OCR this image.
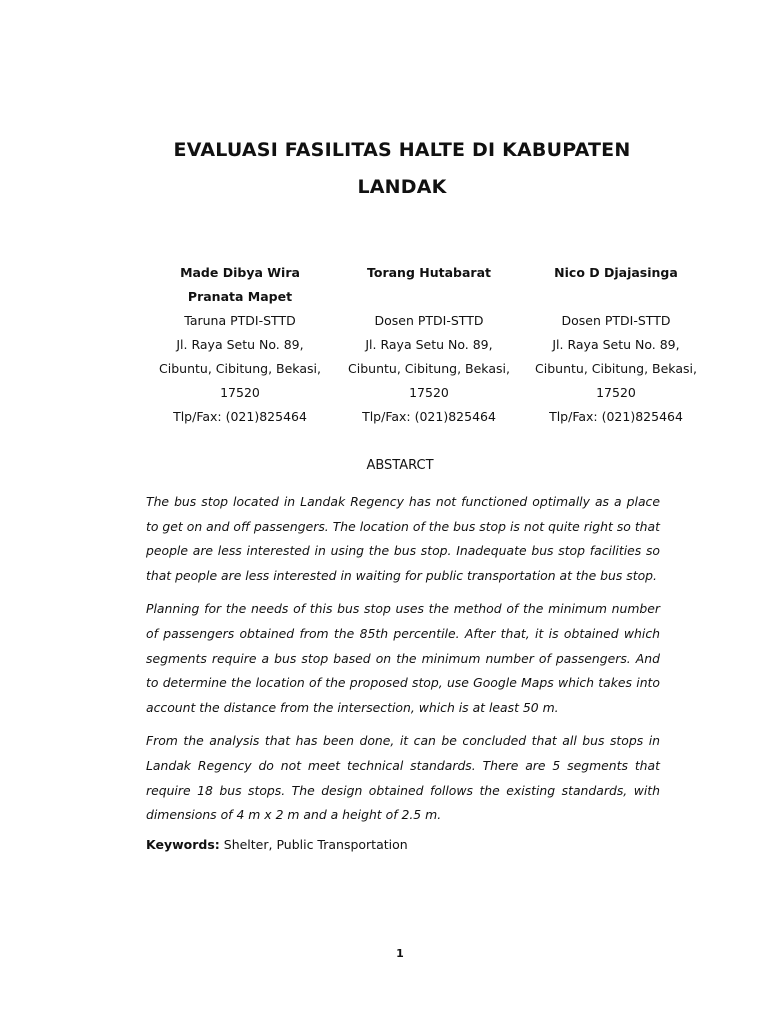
EVALUASI FASILITAS HALTE DI KABUPATEN
LANDAK
Made Dibya Wira
Pranata Mapet
Taruna PTDI-STTD
Jl. Raya Setu No. 89,
Cibuntu, Cibitung, Bekasi,
17520
Tlp/Fax: (021)825464
Torang Hutabarat

Dosen PTDI-STTD
Jl. Raya Setu No. 89,
Cibuntu, Cibitung, Bekasi,
17520
Tlp/Fax: (021)825464
Nico D Djajasinga

Dosen PTDI-STTD
Jl. Raya Setu No. 89,
Cibuntu, Cibitung, Bekasi,
17520
Tlp/Fax: (021)825464
ABSTARCT

The bus stop located in Landak Regency has not functioned optimally as a place to get on and off passengers. The location of the bus stop is not quite right so that people are less interested in using the bus stop. Inadequate bus stop facilities so that people are less interested in waiting for public transportation at the bus stop.

Planning for the needs of this bus stop uses the method of the minimum number of passengers obtained from the 85th percentile. After that, it is obtained which segments require a bus stop based on the minimum number of passengers. And to determine the location of the proposed stop, use Google Maps which takes into account the distance from the intersection, which is at least 50 m.

From the analysis that has been done, it can be concluded that all bus stops in Landak Regency do not meet technical standards. There are 5 segments that require 18 bus stops. The design obtained follows the existing standards, with dimensions of 4 m x 2 m and a height of 2.5 m.

Keywords: Shelter, Public Transportation
1
